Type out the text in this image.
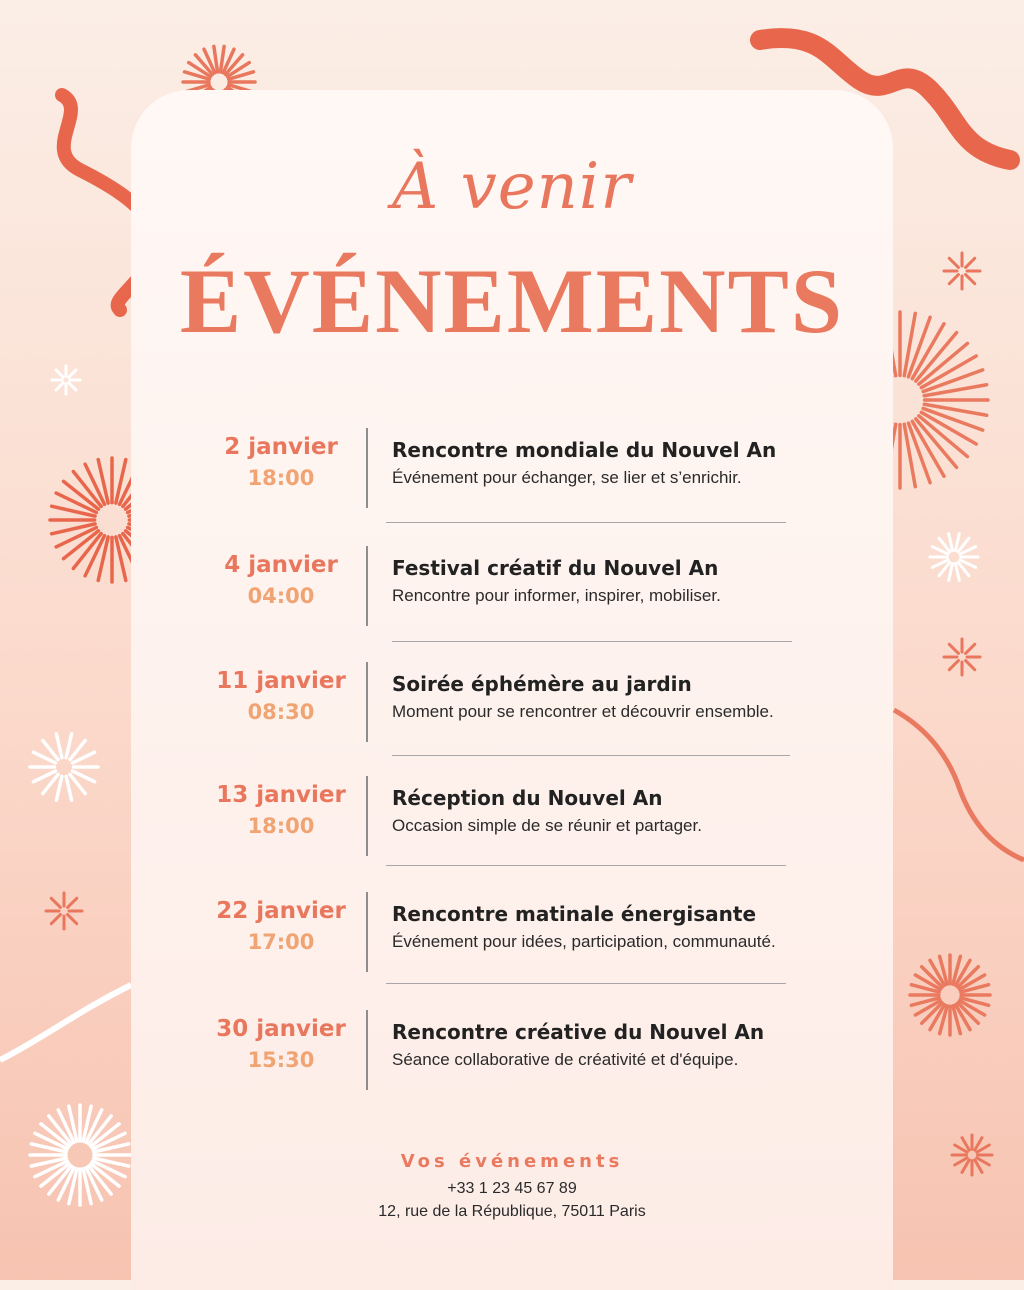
À venir
ÉVÉNEMENTS
2 janvier
18:00
Rencontre mondiale du Nouvel An
Événement pour échanger, se lier et s’enrichir.
4 janvier
04:00
Festival créatif du Nouvel An
Rencontre pour informer, inspirer, mobiliser.
11 janvier
08:30
Soirée éphémère au jardin
Moment pour se rencontrer et découvrir ensemble.
13 janvier
18:00
Réception du Nouvel An
Occasion simple de se réunir et partager.
22 janvier
17:00
Rencontre matinale énergisante
Événement pour idées, participation, communauté.
30 janvier
15:30
Rencontre créative du Nouvel An
Séance collaborative de créativité et d'équipe.
Vos événements
+33 1 23 45 67 89
12, rue de la République, 75011 Paris
